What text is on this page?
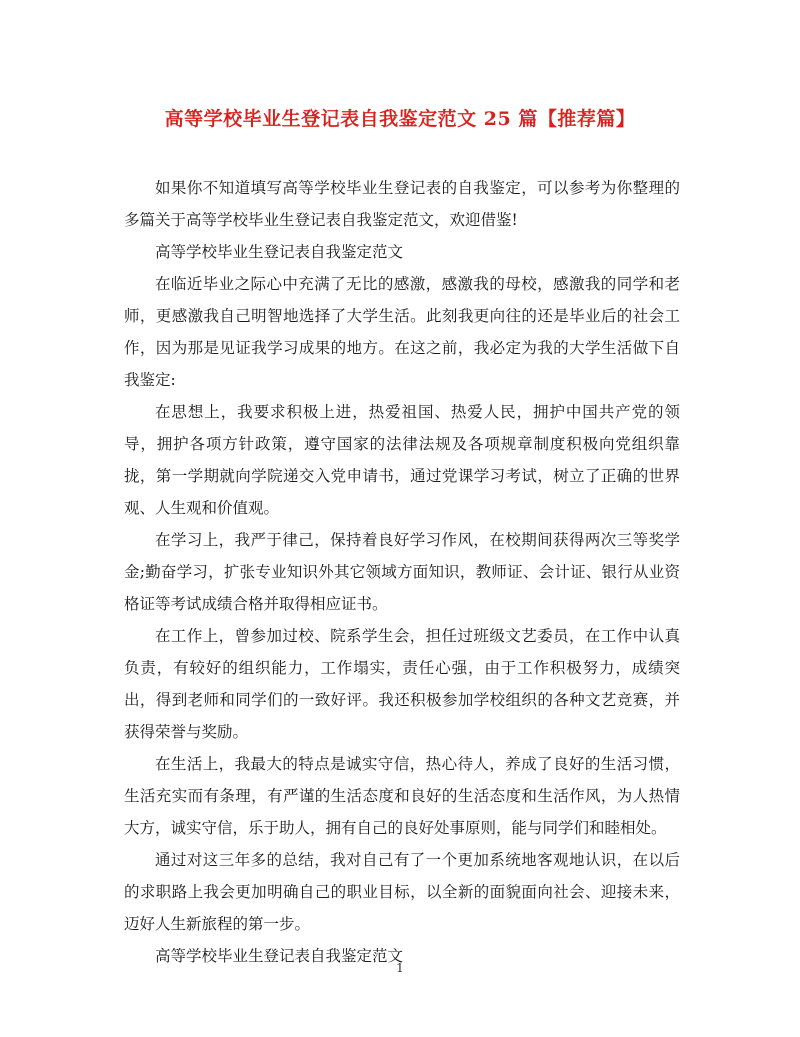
高等学校毕业生登记表自我鉴定范文 25 篇【推荐篇】

如果你不知道填写高等学校毕业生登记表的自我鉴定，可以参考为你整理的多篇关于高等学校毕业生登记表自我鉴定范文，欢迎借鉴!

高等学校毕业生登记表自我鉴定范文

在临近毕业之际心中充满了无比的感激，感激我的母校，感激我的同学和老师，更感激我自己明智地选择了大学生活。此刻我更向往的还是毕业后的社会工作，因为那是见证我学习成果的地方。在这之前，我必定为我的大学生活做下自我鉴定:

在思想上，我要求积极上进，热爱祖国、热爱人民，拥护中国共产党的领导，拥护各项方针政策，遵守国家的法律法规及各项规章制度积极向党组织靠拢，第一学期就向学院递交入党申请书，通过党课学习考试，树立了正确的世界观、人生观和价值观。

在学习上，我严于律己，保持着良好学习作风，在校期间获得两次三等奖学金;勤奋学习，扩张专业知识外其它领域方面知识，教师证、会计证、银行从业资格证等考试成绩合格并取得相应证书。

在工作上，曾参加过校、院系学生会，担任过班级文艺委员，在工作中认真负责，有较好的组织能力，工作塌实，责任心强，由于工作积极努力，成绩突出，得到老师和同学们的一致好评。我还积极参加学校组织的各种文艺竞赛，并获得荣誉与奖励。

在生活上，我最大的特点是诚实守信，热心待人，养成了良好的生活习惯，生活充实而有条理，有严谨的生活态度和良好的生活态度和生活作风，为人热情大方，诚实守信，乐于助人，拥有自己的良好处事原则，能与同学们和睦相处。

通过对这三年多的总结，我对自己有了一个更加系统地客观地认识，在以后的求职路上我会更加明确自己的职业目标，以全新的面貌面向社会、迎接未来，迈好人生新旅程的第一步。

高等学校毕业生登记表自我鉴定范文

1
